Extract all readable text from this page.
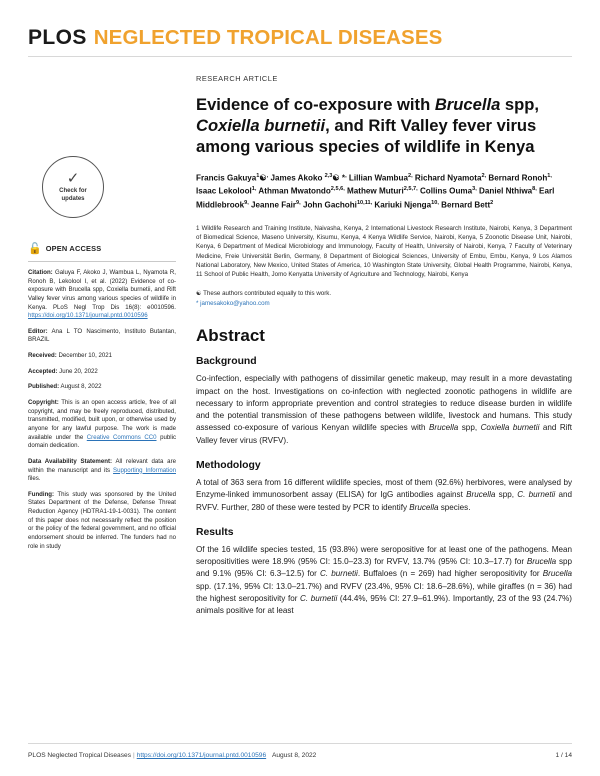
PLOS NEGLECTED TROPICAL DISEASES
✓
Check for
updates
🔓 OPEN ACCESS

Citation: Galuya F, Akoko J, Wambua L, Nyamota R, Ronoh B, Lekolool I, et al. (2022) Evidence of co-exposure with Brucella spp, Coxiella burnetii, and Rift Valley fever virus among various species of wildlife in Kenya. PLoS Negl Trop Dis 16(8): e0010596. https://doi.org/10.1371/journal.pntd.0010596

Editor: Ana L TO Nascimento, Instituto Butantan, BRAZIL

Received: December 10, 2021

Accepted: June 20, 2022

Published: August 8, 2022

Copyright: This is an open access article, free of all copyright, and may be freely reproduced, distributed, transmitted, modified, built upon, or otherwise used by anyone for any lawful purpose. The work is made available under the Creative Commons CC0 public domain dedication.

Data Availability Statement: All relevant data are within the manuscript and its Supporting Information files.

Funding: This study was sponsored by the United States Department of the Defense, Defense Threat Reduction Agency (HDTRA1-19-1-0031). The content of this paper does not necessarily reflect the position or the policy of the federal government, and no official endorsement should be inferred. The funders had no role in study

RESEARCH ARTICLE
Evidence of co-exposure with Brucella spp, Coxiella burnetii, and Rift Valley fever virus among various species of wildlife in Kenya
Francis Gakuya$^1$☯, James Akoko $^{2,3}$☯ *, Lillian Wambua$^{2,}$ Richard Nyamota$^{2,}$ Bernard Ronoh$^{1,}$ Isaac Lekolool$^{1,}$ Athman Mwatondo$^{2,5,6,}$ Mathew Muturi$^{2,5,7,}$ Collins Ouma$^{3,}$ Daniel Nthiwa$^{8,}$ Earl Middlebrook$^{9,}$ Jeanne Fair$^{9,}$ John Gachohi$^{10,11,}$ Kariuki Njenga$^{10,}$ Bernard Bett$^2$
1 Wildlife Research and Training Institute, Naivasha, Kenya, 2 International Livestock Research Institute, Nairobi, Kenya, 3 Department of Biomedical Science, Maseno University, Kisumu, Kenya, 4 Kenya Wildlife Service, Nairobi, Kenya, 5 Zoonotic Disease Unit, Nairobi, Kenya, 6 Department of Medical Microbiology and Immunology, Faculty of Health, University of Nairobi, Kenya, 7 Faculty of Veterinary Medicine, Freie Universität Berlin, Germany, 8 Department of Biological Sciences, University of Embu, Embu, Kenya, 9 Los Alamos National Laboratory, New Mexico, United States of America, 10 Washington State University, Global Health Programme, Nairobi, Kenya, 11 School of Public Health, Jomo Kenyatta University of Agriculture and Technology, Nairobi, Kenya
☯ These authors contributed equally to this work.
* jamesakoko@yahoo.com
Abstract
Background

Co-infection, especially with pathogens of dissimilar genetic makeup, may result in a more devastating impact on the host. Investigations on co-infection with neglected zoonotic pathogens in wildlife are necessary to inform appropriate prevention and control strategies to reduce disease burden in wildlife and the potential transmission of these pathogens between wildlife, livestock and humans. This study assessed co-exposure of various Kenyan wildlife species with Brucella spp, Coxiella burnetii and Rift Valley fever virus (RVFV).

Methodology

A total of 363 sera from 16 different wildlife species, most of them (92.6%) herbivores, were analysed by Enzyme-linked immunosorbent assay (ELISA) for IgG antibodies against Brucella spp, C. burnetii and RVFV. Further, 280 of these were tested by PCR to identify Brucella species.

Results

Of the 16 wildlife species tested, 15 (93.8%) were seropositive for at least one of the pathogens. Mean seropositivities were 18.9% (95% CI: 15.0–23.3) for RVFV, 13.7% (95% CI: 10.3–17.7) for Brucella spp and 9.1% (95% CI: 6.3–12.5) for C. burnetii. Buffaloes (n = 269) had higher seropositivity for Brucella spp. (17.1%, 95% CI: 13.0–21.7%) and RVFV (23.4%, 95% CI: 18.6–28.6%), while giraffes (n = 36) had the highest seropositivity for C. burnetii (44.4%, 95% CI: 27.9–61.9%). Importantly, 23 of the 93 (24.7%) animals positive for at least

PLOS Neglected Tropical Diseases | https://doi.org/10.1371/journal.pntd.0010596 August 8, 2022	1 / 14
